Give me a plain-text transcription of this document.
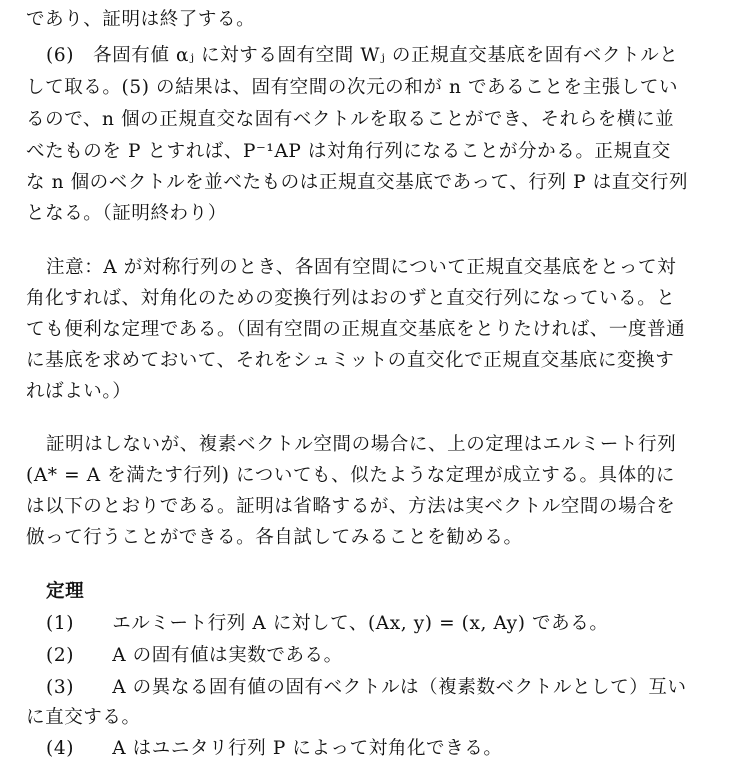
であり、証明は終了する。
(6)　各固有値 αⱼ に対する固有空間 Wⱼ の正規直交基底を固有ベクトルと
して取る。(5) の結果は、固有空間の次元の和が n であることを主張してい
るので、n 個の正規直交な固有ベクトルを取ることができ、それらを横に並
べたものを P とすれば、P⁻¹AP は対角行列になることが分かる。正規直交
な n 個のベクトルを並べたものは正規直交基底であって、行列 P は直交行列
となる。（証明終わり）
注意：A が対称行列のとき、各固有空間について正規直交基底をとって対
角化すれば、対角化のための変換行列はおのずと直交行列になっている。と
ても便利な定理である。（固有空間の正規直交基底をとりたければ、一度普通
に基底を求めておいて、それをシュミットの直交化で正規直交基底に変換す
ればよい。）
証明はしないが、複素ベクトル空間の場合に、上の定理はエルミート行列
(A* = A を満たす行列) についても、似たような定理が成立する。具体的に
は以下のとおりである。証明は省略するが、方法は実ベクトル空間の場合を
倣って行うことができる。各自試してみることを勧める。
定理
(1)　　エルミート行列 A に対して、(Ax, y) = (x, Ay) である。
(2)　　A の固有値は実数である。
(3)　　A の異なる固有値の固有ベクトルは（複素数ベクトルとして）互い
に直交する。
(4)　　A はユニタリ行列 P によって対角化できる。
